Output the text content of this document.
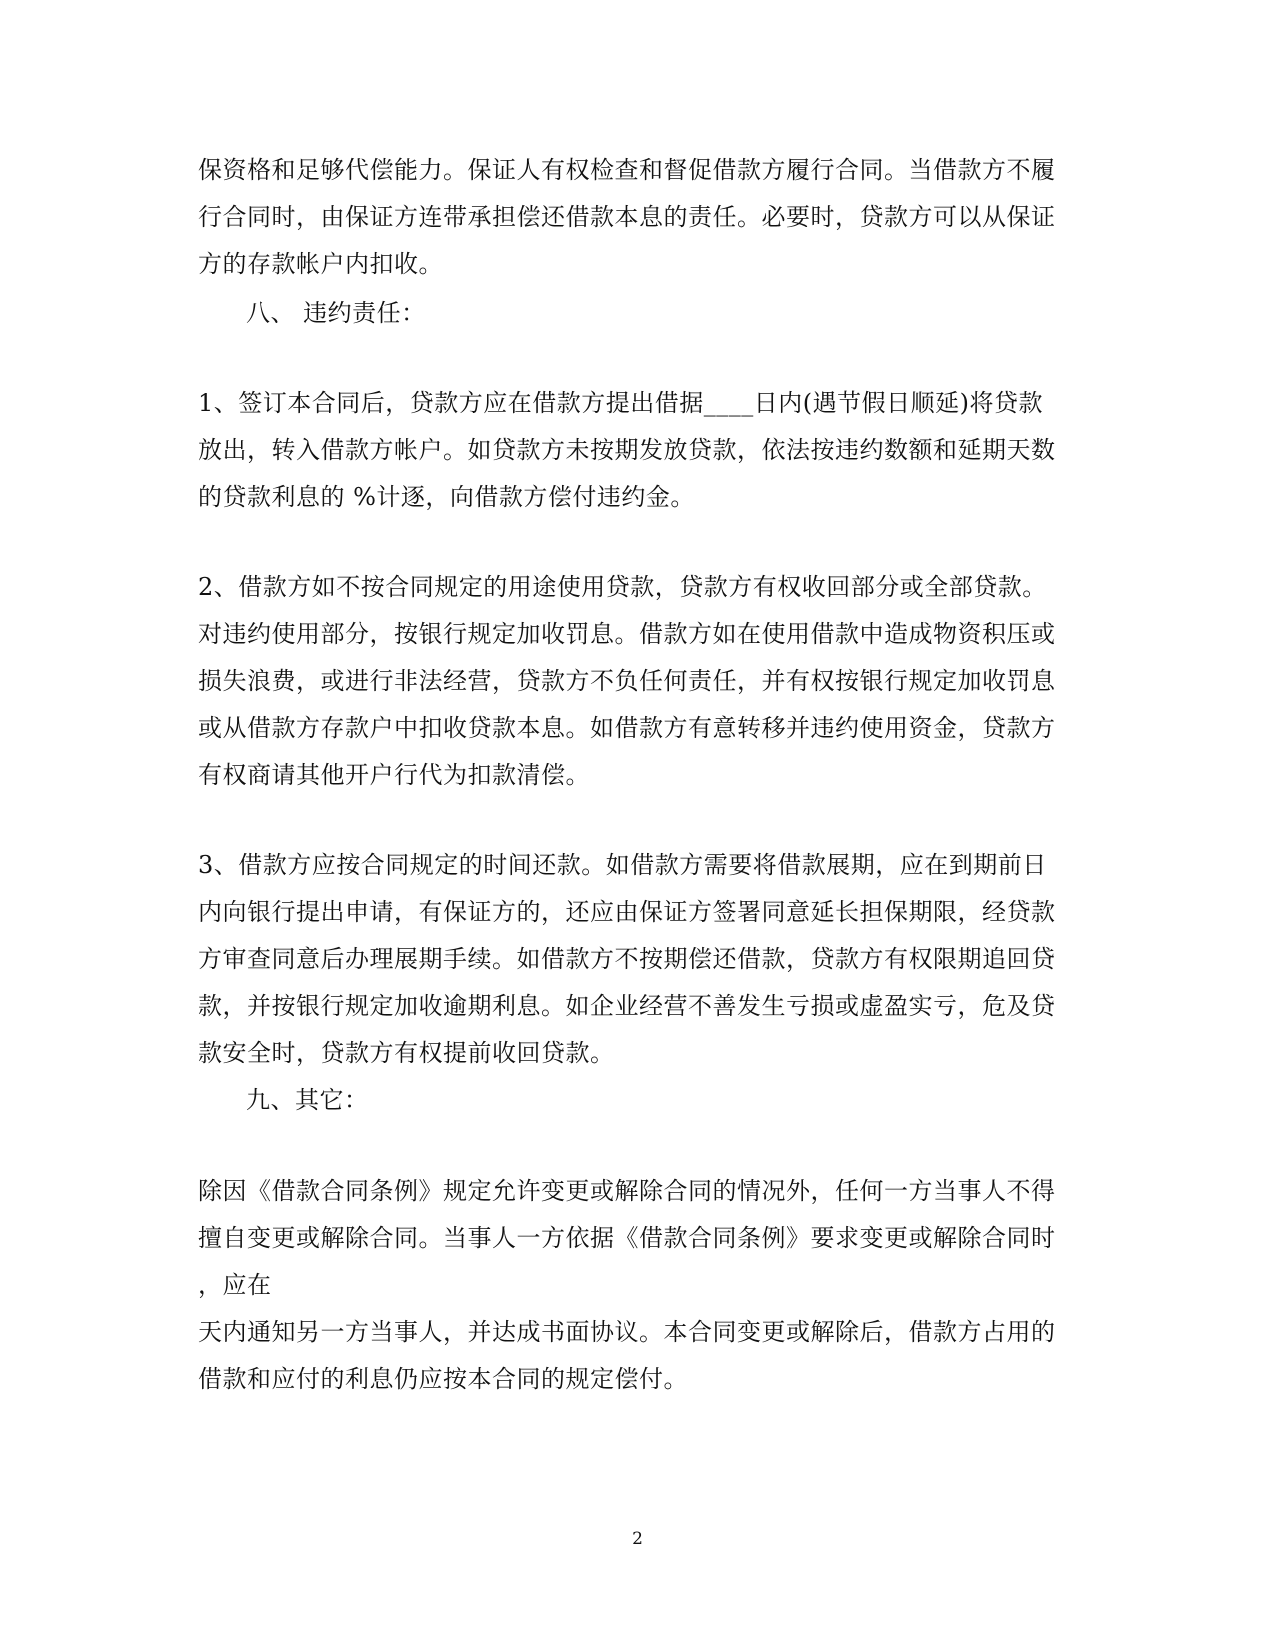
保资格和足够代偿能力。保证人有权检查和督促借款方履行合同。当借款方不履
行合同时，由保证方连带承担偿还借款本息的责任。必要时，贷款方可以从保证
方的存款帐户内扣收。
八、 违约责任：
1、签订本合同后，贷款方应在借款方提出借据____日内(遇节假日顺延)将贷款
放出，转入借款方帐户。如贷款方未按期发放贷款，依法按违约数额和延期天数
的贷款利息的 %计逐，向借款方偿付违约金。
2、借款方如不按合同规定的用途使用贷款，贷款方有权收回部分或全部贷款。
对违约使用部分，按银行规定加收罚息。借款方如在使用借款中造成物资积压或
损失浪费，或进行非法经营，贷款方不负任何责任，并有权按银行规定加收罚息
或从借款方存款户中扣收贷款本息。如借款方有意转移并违约使用资金，贷款方
有权商请其他开户行代为扣款清偿。
3、借款方应按合同规定的时间还款。如借款方需要将借款展期，应在到期前日
内向银行提出申请，有保证方的，还应由保证方签署同意延长担保期限，经贷款
方审查同意后办理展期手续。如借款方不按期偿还借款，贷款方有权限期追回贷
款，并按银行规定加收逾期利息。如企业经营不善发生亏损或虚盈实亏，危及贷
款安全时，贷款方有权提前收回贷款。
九、其它：
除因《借款合同条例》规定允许变更或解除合同的情况外，任何一方当事人不得
擅自变更或解除合同。当事人一方依据《借款合同条例》要求变更或解除合同时
，应在
天内通知另一方当事人，并达成书面协议。本合同变更或解除后，借款方占用的
借款和应付的利息仍应按本合同的规定偿付。
2
